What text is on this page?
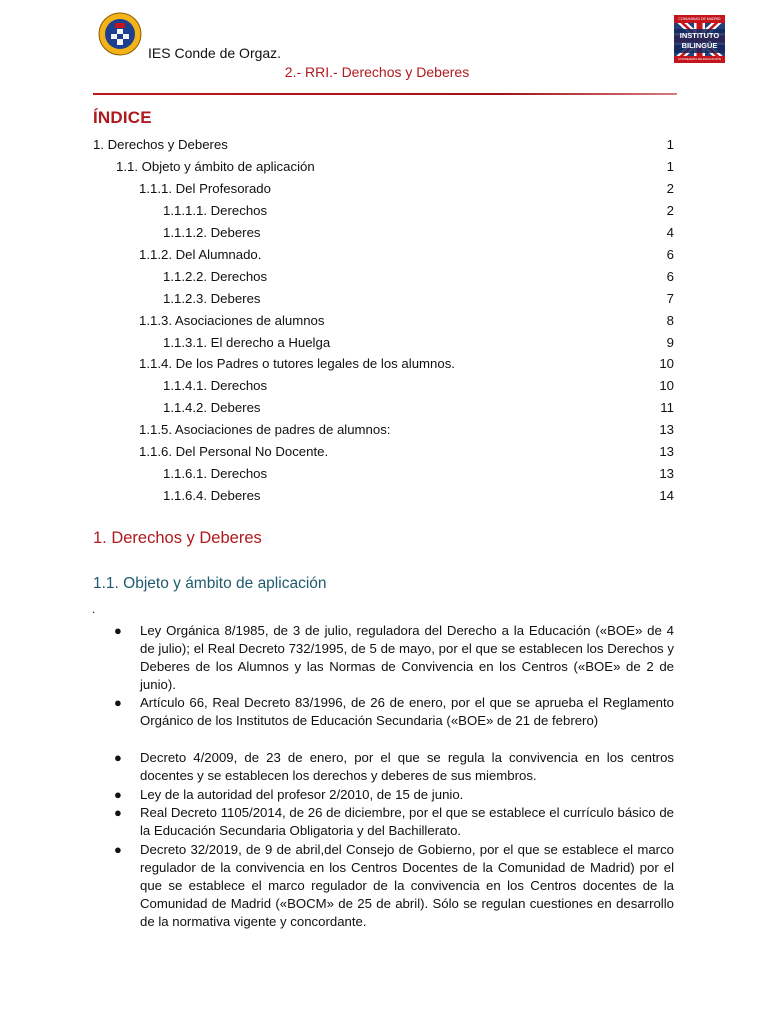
IES Conde de Orgaz.
2.- RRI.- Derechos y Deberes
COMUNIDAD DE MADRID
INSTITUTO
BILINGÜE
CONSEJERÍA DE EDUCACIÓN
ÍNDICE
1. Derechos y Deberes	1
1.1. Objeto y ámbito de aplicación	1
1.1.1. Del Profesorado	2
1.1.1.1. Derechos	2
1.1.1.2. Deberes	4
1.1.2. Del Alumnado.	6
1.1.2.2. Derechos	6
1.1.2.3. Deberes	7
1.1.3. Asociaciones de alumnos	8
1.1.3.1. El derecho a Huelga	9
1.1.4. De los Padres o tutores legales de los alumnos.	10
1.1.4.1. Derechos	10
1.1.4.2. Deberes	11
1.1.5. Asociaciones de padres de alumnos:	13
1.1.6. Del Personal No Docente.	13
1.1.6.1. Derechos	13
1.1.6.4. Deberes	14
1. Derechos y Deberes
1.1. Objeto y ámbito de aplicación
.
● Ley Orgánica 8/1985, de 3 de julio, reguladora del Derecho a la Educación («BOE» de 4 de julio); el Real Decreto 732/1995, de 5 de mayo, por el que se establecen los Derechos y Deberes de los Alumnos y las Normas de Convivencia en los Centros («BOE» de 2 de junio).
● Artículo 66, Real Decreto 83/1996, de 26 de enero, por el que se aprueba el Reglamento Orgánico de los Institutos de Educación Secundaria («BOE» de 21 de febrero)
● Decreto 4/2009, de 23 de enero, por el que se regula la convivencia en los centros docentes y se establecen los derechos y deberes de sus miembros.
● Ley de la autoridad del profesor 2/2010, de 15 de junio.
● Real Decreto 1105/2014, de 26 de diciembre, por el que se establece el currículo básico de la Educación Secundaria Obligatoria y del Bachillerato.
● Decreto 32/2019, de 9 de abril,del Consejo de Gobierno, por el que se establece el marco regulador de la convivencia en los Centros Docentes de la Comunidad de Madrid) por el que se establece el marco regulador de la convivencia en los Centros docentes de la Comunidad de Madrid («BOCM» de 25 de abril). Sólo se regulan cuestiones en desarrollo de la normativa vigente y concordante.
